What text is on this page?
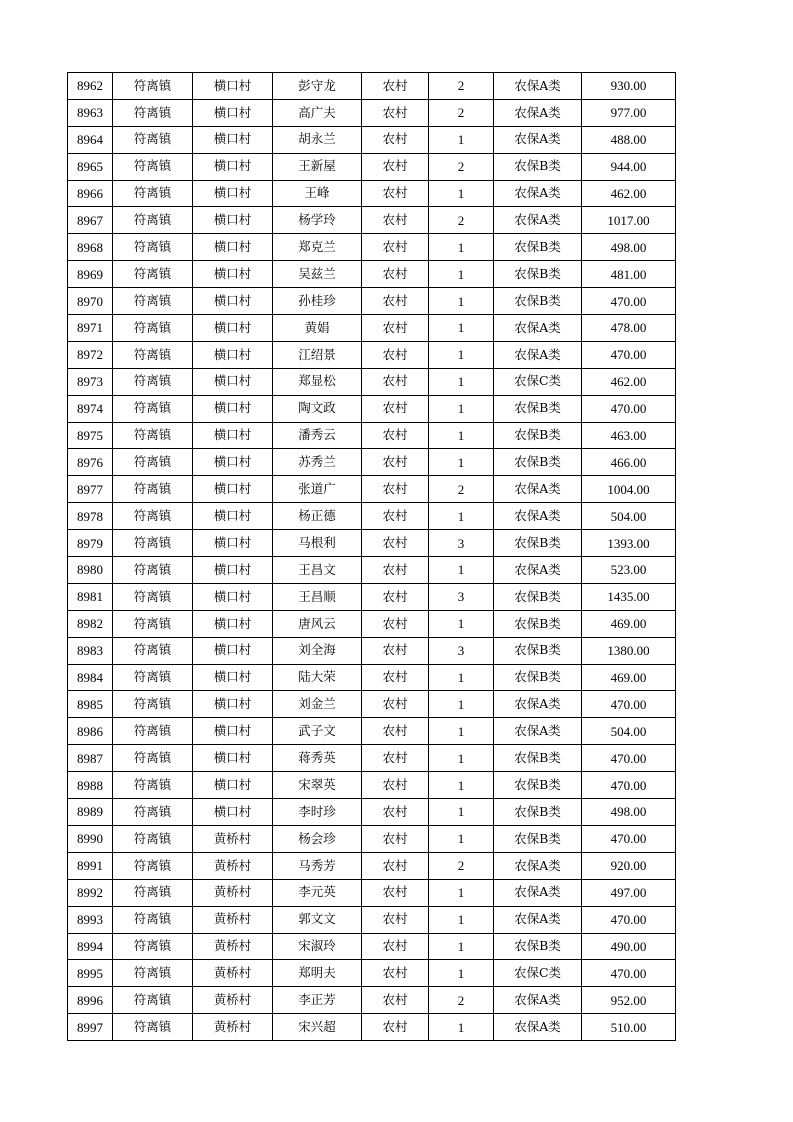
8962	符离镇	横口村	彭守龙	农村	2	农保A类	930.00
8963	符离镇	横口村	高广夫	农村	2	农保A类	977.00
8964	符离镇	横口村	胡永兰	农村	1	农保A类	488.00
8965	符离镇	横口村	王新屋	农村	2	农保B类	944.00
8966	符离镇	横口村	王峰	农村	1	农保A类	462.00
8967	符离镇	横口村	杨学玲	农村	2	农保A类	1017.00
8968	符离镇	横口村	郑克兰	农村	1	农保B类	498.00
8969	符离镇	横口村	吴兹兰	农村	1	农保B类	481.00
8970	符离镇	横口村	孙桂珍	农村	1	农保B类	470.00
8971	符离镇	横口村	黄娟	农村	1	农保A类	478.00
8972	符离镇	横口村	江绍景	农村	1	农保A类	470.00
8973	符离镇	横口村	郑显松	农村	1	农保C类	462.00
8974	符离镇	横口村	陶文政	农村	1	农保B类	470.00
8975	符离镇	横口村	潘秀云	农村	1	农保B类	463.00
8976	符离镇	横口村	苏秀兰	农村	1	农保B类	466.00
8977	符离镇	横口村	张道广	农村	2	农保A类	1004.00
8978	符离镇	横口村	杨正德	农村	1	农保A类	504.00
8979	符离镇	横口村	马根利	农村	3	农保B类	1393.00
8980	符离镇	横口村	王昌文	农村	1	农保A类	523.00
8981	符离镇	横口村	王昌顺	农村	3	农保B类	1435.00
8982	符离镇	横口村	唐风云	农村	1	农保B类	469.00
8983	符离镇	横口村	刘全海	农村	3	农保B类	1380.00
8984	符离镇	横口村	陆大荣	农村	1	农保B类	469.00
8985	符离镇	横口村	刘金兰	农村	1	农保A类	470.00
8986	符离镇	横口村	武子文	农村	1	农保A类	504.00
8987	符离镇	横口村	蒋秀英	农村	1	农保B类	470.00
8988	符离镇	横口村	宋翠英	农村	1	农保B类	470.00
8989	符离镇	横口村	李时珍	农村	1	农保B类	498.00
8990	符离镇	黄桥村	杨会珍	农村	1	农保B类	470.00
8991	符离镇	黄桥村	马秀芳	农村	2	农保A类	920.00
8992	符离镇	黄桥村	李元英	农村	1	农保A类	497.00
8993	符离镇	黄桥村	郭文文	农村	1	农保A类	470.00
8994	符离镇	黄桥村	宋淑玲	农村	1	农保B类	490.00
8995	符离镇	黄桥村	郑明夫	农村	1	农保C类	470.00
8996	符离镇	黄桥村	李正芳	农村	2	农保A类	952.00
8997	符离镇	黄桥村	宋兴超	农村	1	农保A类	510.00
